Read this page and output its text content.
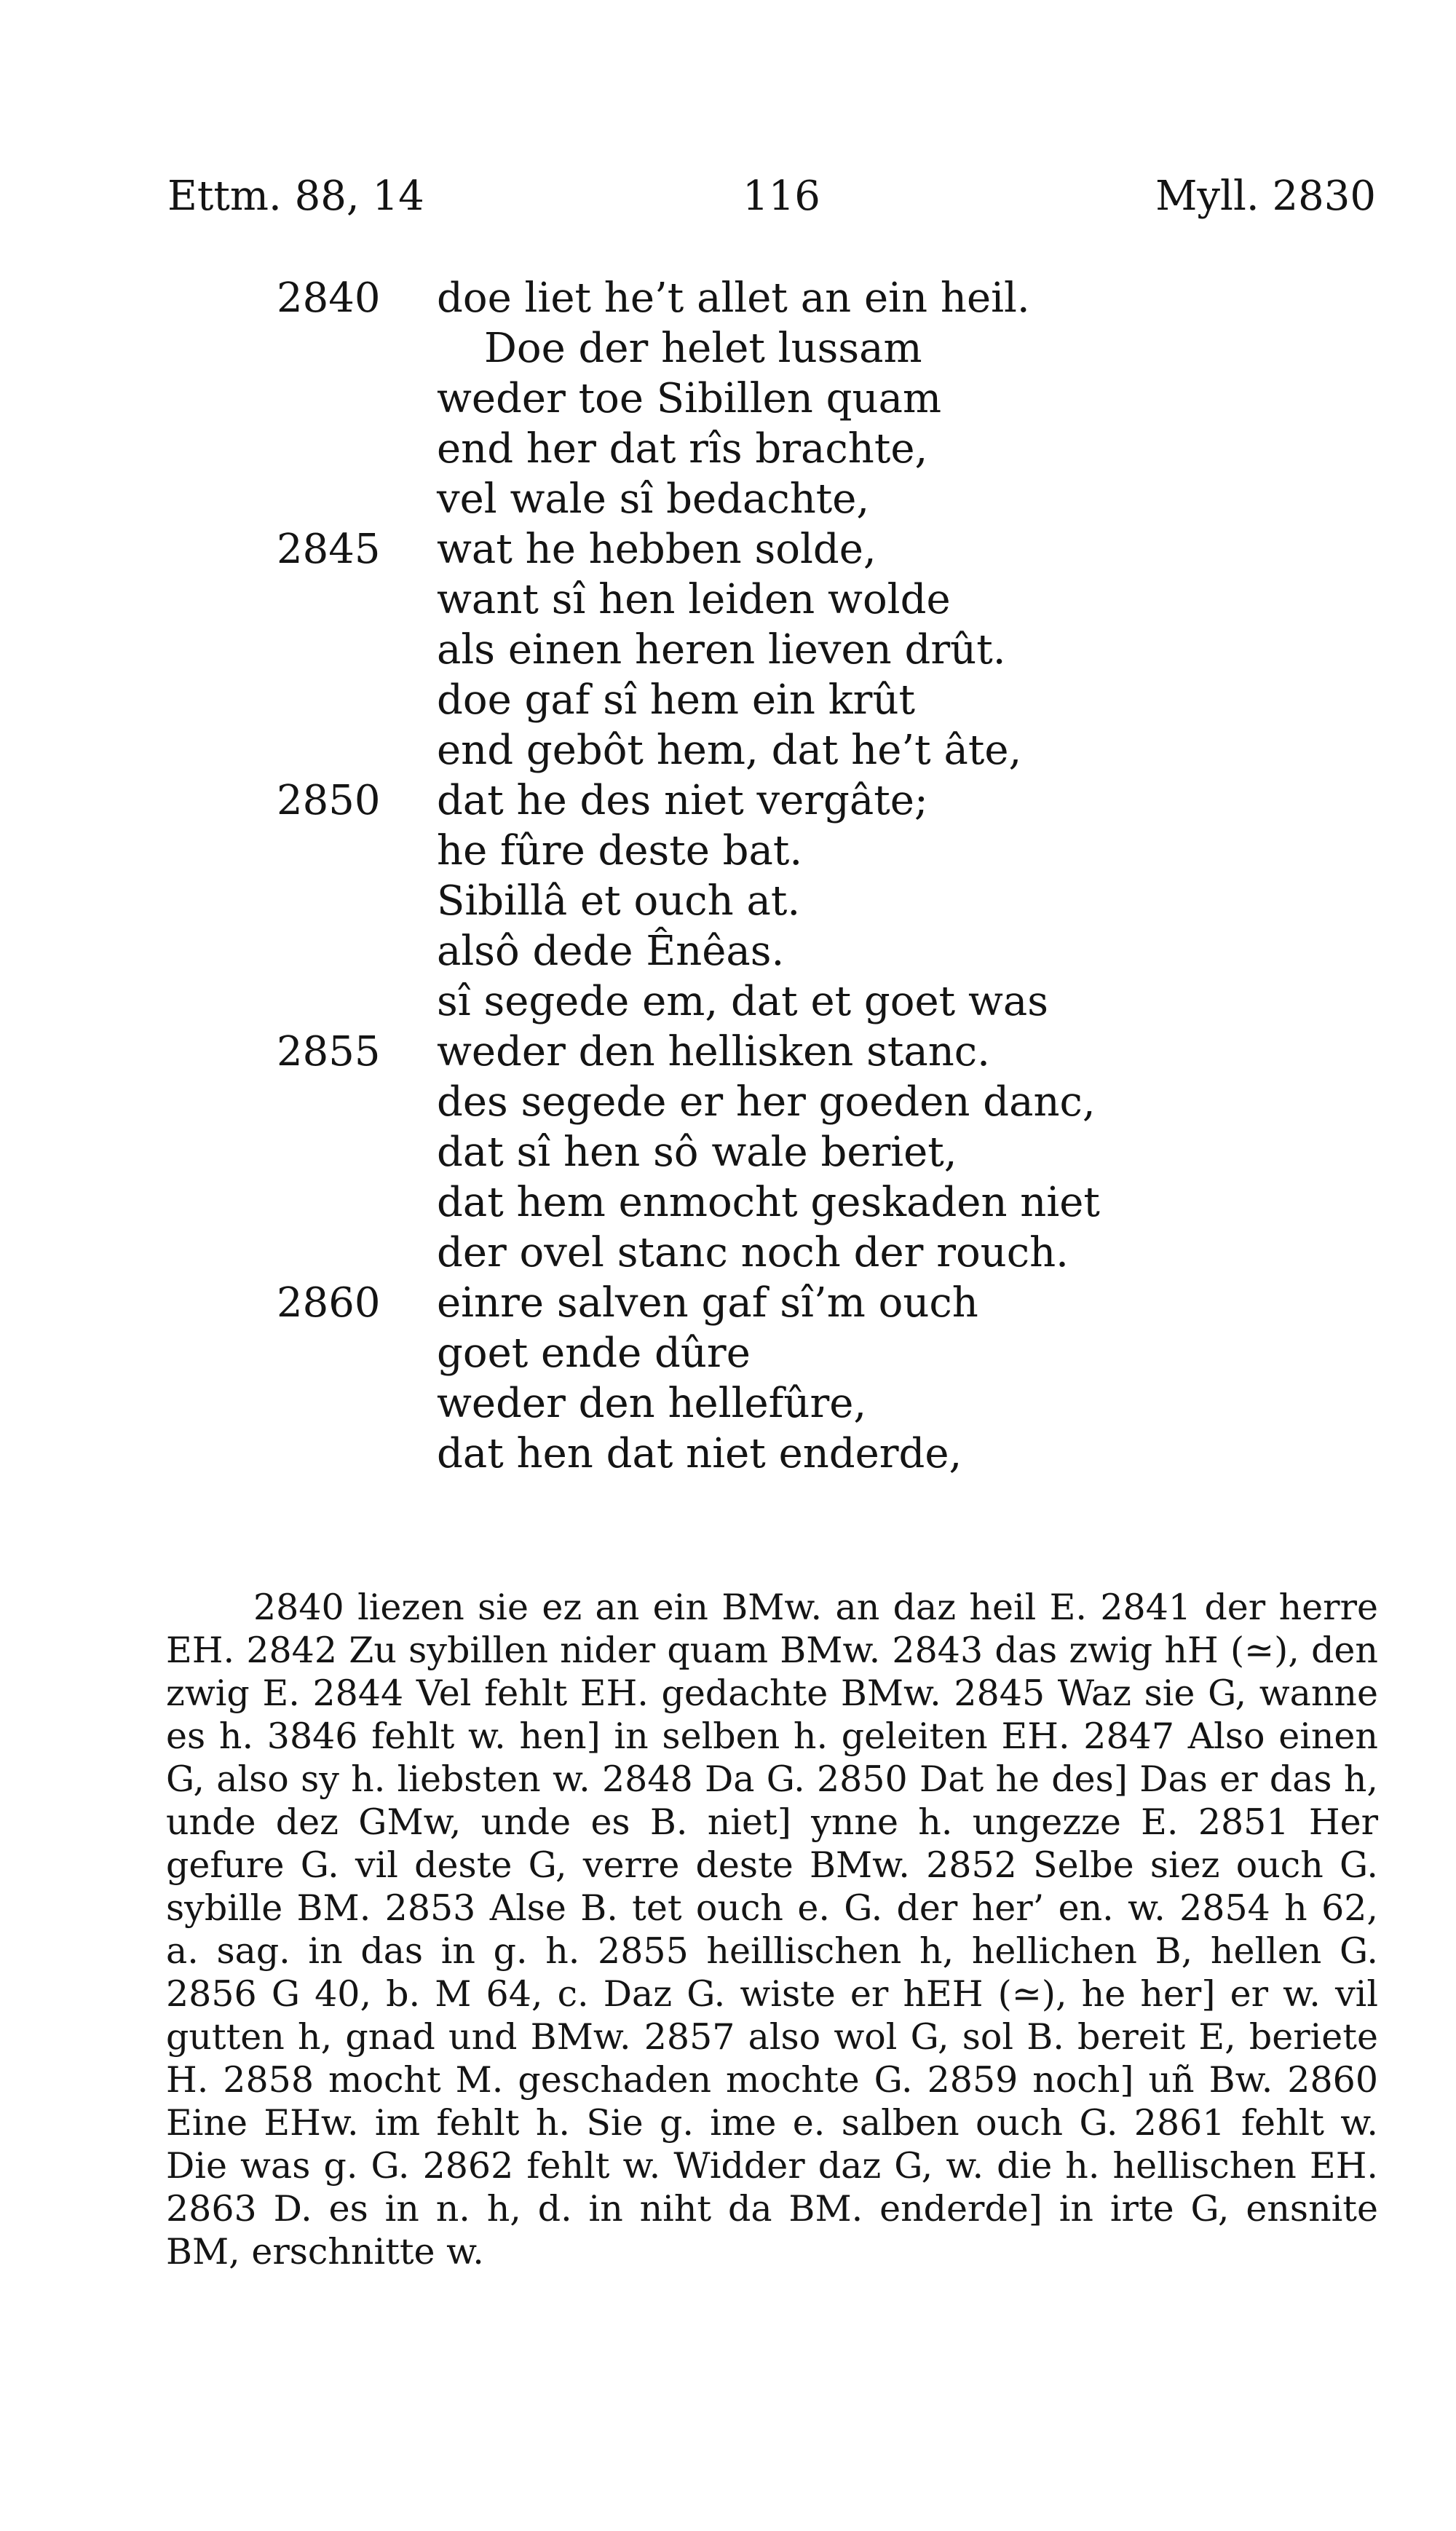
Ettm. 88, 14	116	Myll. 2830
2840 doe liet he’t allet an ein heil.
Doe der helet lussam
weder toe Sibillen quam
end her dat rîs brachte,
vel wale sî bedachte,
2845 wat he hebben solde,
want sî hen leiden wolde
als einen heren lieven drût.
doe gaf sî hem ein krût
end gebôt hem, dat he’t âte,
2850 dat he des niet vergâte;
he fûre deste bat.
Sibillâ et ouch at.
alsô dede Ênêas.
sî segede em, dat et goet was
2855 weder den hellisken stanc.
des segede er her goeden danc,
dat sî hen sô wale beriet,
dat hem enmocht geskaden niet
der ovel stanc noch der rouch.
2860 einre salven gaf sî’m ouch
goet ende dûre
weder den hellefûre,
dat hen dat niet enderde,
2840 liezen sie ez an ein BMw. an daz heil E. 2841 der herre EH. 2842 Zu sybillen nider quam BMw. 2843 das zwig hH (≃), den zwig E. 2844 Vel fehlt EH. gedachte BMw. 2845 Waz sie G, wanne es h. 3846 fehlt w. hen] in selben h. geleiten EH. 2847 Also einen G, also sy h. liebsten w. 2848 Da G. 2850 Dat he des] Das er das h, unde dez GMw, unde es B. niet] ynne h. ungezze E. 2851 Her gefure G. vil deste G, verre deste BMw. 2852 Selbe siez ouch G. sybille BM. 2853 Alse B. tet ouch e. G. der her’ en. w. 2854 h 62, a. sag. in das in g. h. 2855 heillischen h, hellichen B, hellen G. 2856 G 40, b. M 64, c. Daz G. wiste er hEH (≃), he her] er w. vil gutten h, gnad und BMw. 2857 also wol G, sol B. bereit E, beriete H. 2858 mocht M. geschaden mochte G. 2859 noch] uñ Bw. 2860 Eine EHw. im fehlt h. Sie g. ime e. salben ouch G. 2861 fehlt w. Die was g. G. 2862 fehlt w. Widder daz G, w. die h. hellischen EH. 2863 D. es in n. h, d. in niht da BM. enderde] in irte G, ensnite BM, erschnitte w.
